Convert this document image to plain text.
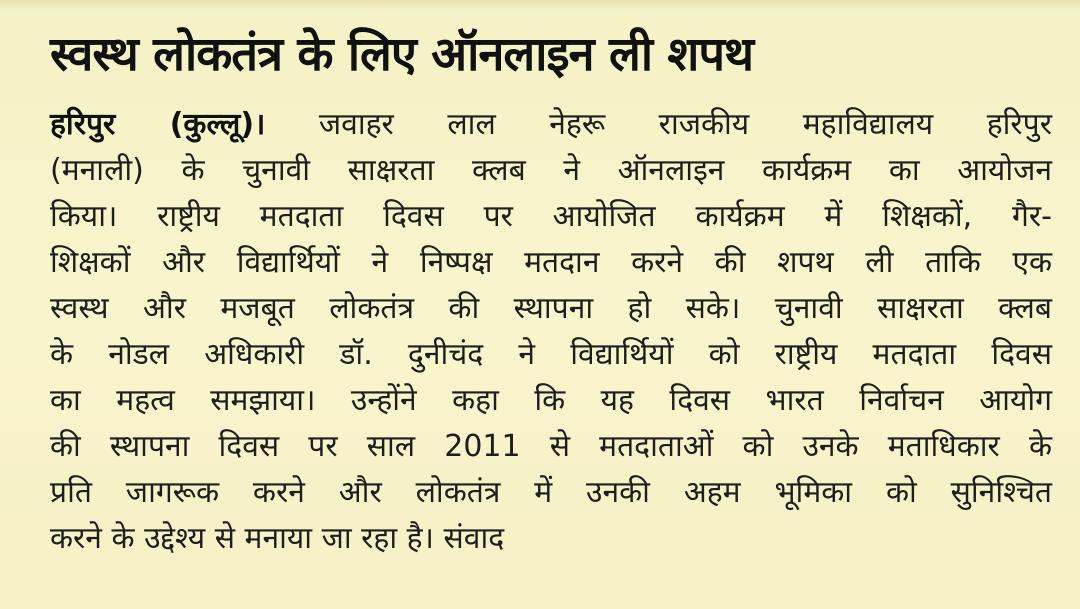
स्वस्थ लोकतंत्र के लिए ऑनलाइन ली शपथ
हरिपुर (कुल्लू)। जवाहर लाल नेहरू राजकीय महाविद्यालय हरिपुर
(मनाली) के चुनावी साक्षरता क्लब ने ऑनलाइन कार्यक्रम का आयोजन
किया। राष्ट्रीय मतदाता दिवस पर आयोजित कार्यक्रम में शिक्षकों, गैर-
शिक्षकों और विद्यार्थियों ने निष्पक्ष मतदान करने की शपथ ली ताकि एक
स्वस्थ और मजबूत लोकतंत्र की स्थापना हो सके। चुनावी साक्षरता क्लब
के नोडल अधिकारी डॉ. दुनीचंद ने विद्यार्थियों को राष्ट्रीय मतदाता दिवस
का महत्व समझाया। उन्होंने कहा कि यह दिवस भारत निर्वाचन आयोग
की स्थापना दिवस पर साल 2011 से मतदाताओं को उनके मताधिकार के
प्रति जागरूक करने और लोकतंत्र में उनकी अहम भूमिका को सुनिश्चित
करने के उद्देश्य से मनाया जा रहा है। संवाद
